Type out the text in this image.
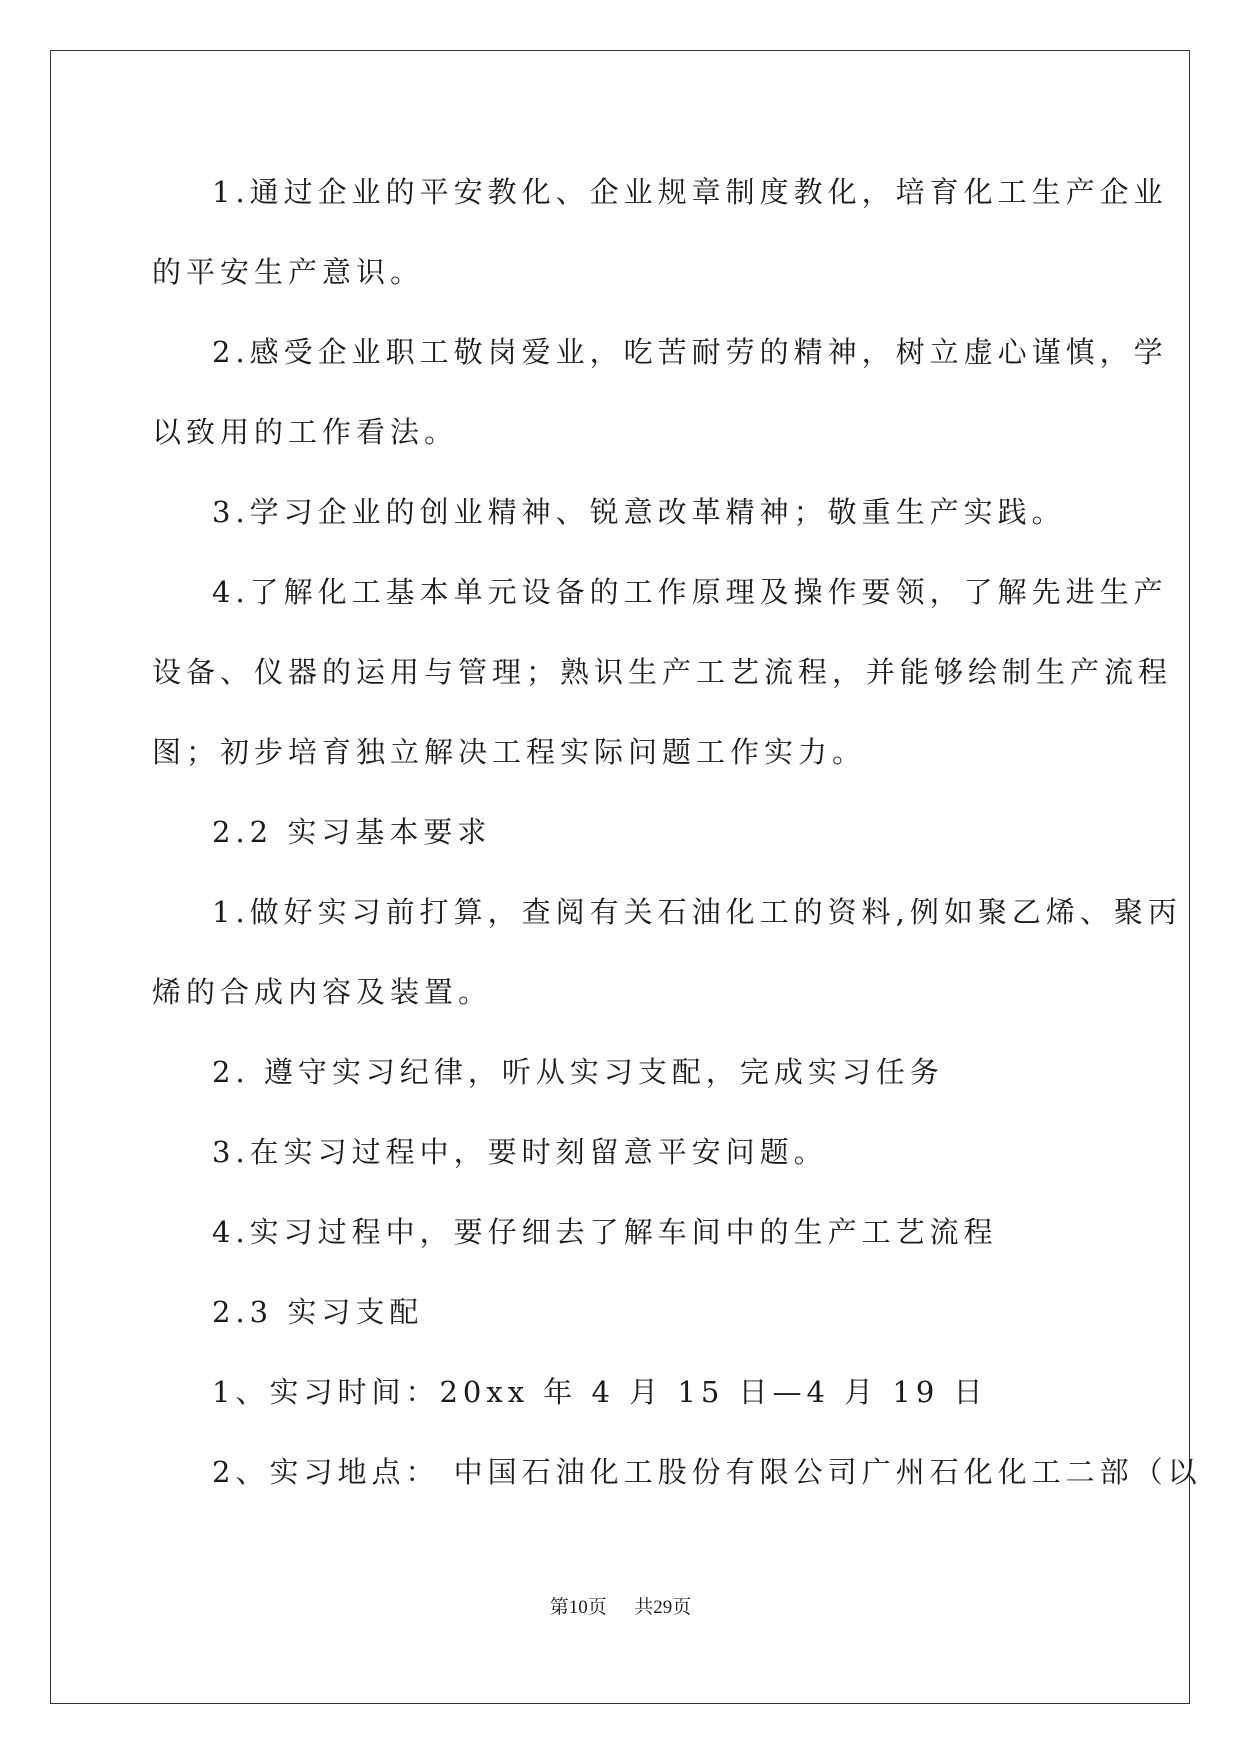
1.通过企业的平安教化、企业规章制度教化，培育化工生产企业
的平安生产意识。
2.感受企业职工敬岗爱业，吃苦耐劳的精神，树立虚心谨慎，学
以致用的工作看法。
3.学习企业的创业精神、锐意改革精神；敬重生产实践。
4.了解化工基本单元设备的工作原理及操作要领，了解先进生产
设备、仪器的运用与管理；熟识生产工艺流程，并能够绘制生产流程
图；初步培育独立解决工程实际问题工作实力。
2.2 实习基本要求
1.做好实习前打算，查阅有关石油化工的资料,例如聚乙烯、聚丙
烯的合成内容及装置。
2. 遵守实习纪律，听从实习支配，完成实习任务
3.在实习过程中，要时刻留意平安问题。
4.实习过程中，要仔细去了解车间中的生产工艺流程
2.3 实习支配
1、实习时间：20xx 年 4 月 15 日—4 月 19 日
2、实习地点： 中国石油化工股份有限公司广州石化化工二部（以
第10页 共29页
